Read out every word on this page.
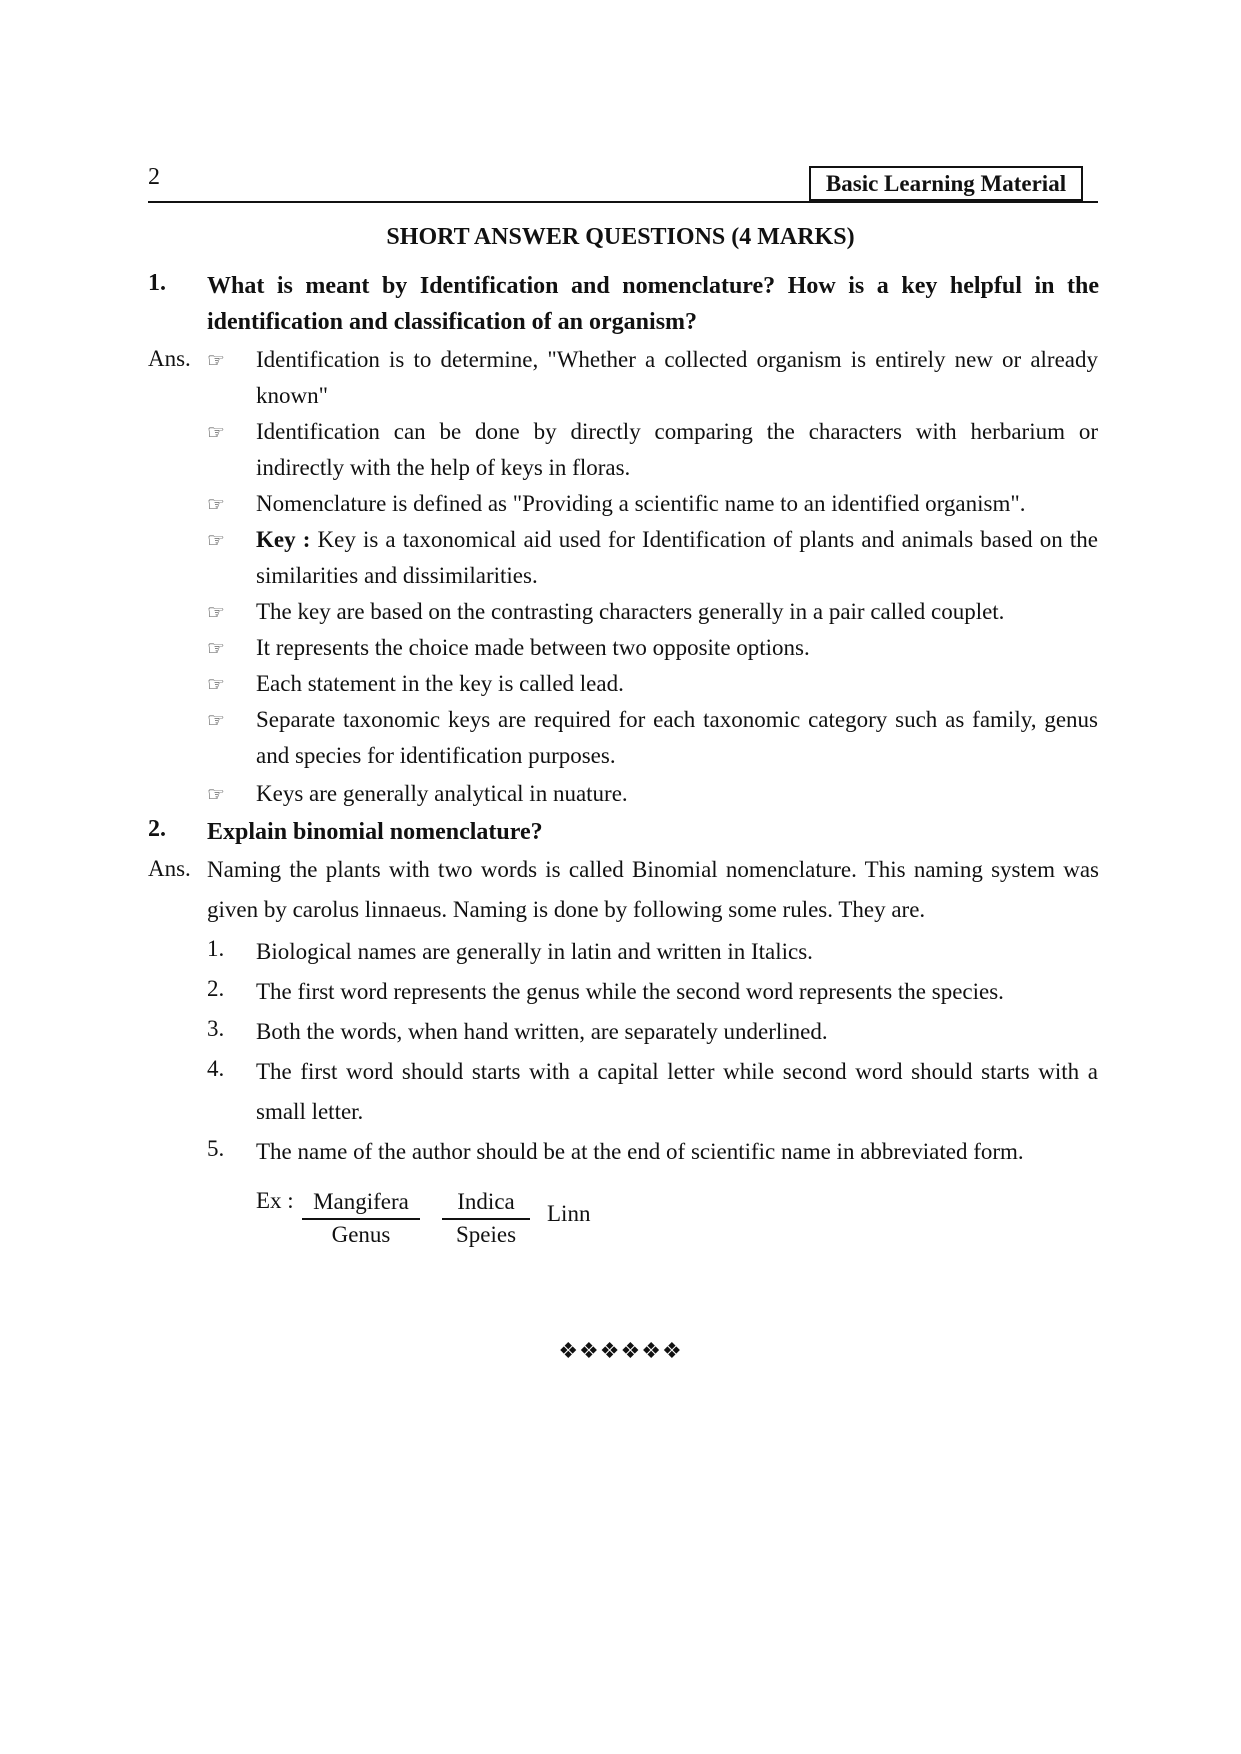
2	Basic Learning Material
SHORT ANSWER QUESTIONS (4 MARKS)
1. What is meant by Identification and nomenclature? How is a key helpful in the identification and classification of an organism?

Ans. ☞ Identification is to determine, "Whether a collected organism is entirely new or already known"

☞ Identification can be done by directly comparing the characters with herbarium or indirectly with the help of keys in floras.

☞ Nomenclature is defined as "Providing a scientific name to an identified organism".

☞ Key : Key is a taxonomical aid used for Identification of plants and animals based on the similarities and dissimilarities.

☞ The key are based on the contrasting characters generally in a pair called couplet.

☞ It represents the choice made between two opposite options.

☞ Each statement in the key is called lead.

☞ Separate taxonomic keys are required for each taxonomic category such as family, genus and species for identification purposes.

☞ Keys are generally analytical in nuature.

2. Explain binomial nomenclature?

Ans. Naming the plants with two words is called Binomial nomenclature. This naming system was given by carolus linnaeus. Naming is done by following some rules. They are.

1. Biological names are generally in latin and written in Italics.

2. The first word represents the genus while the second word represents the species.

3. Both the words, when hand written, are separately underlined.

4. The first word should starts with a capital letter while second word should starts with a small letter.

5. The name of the author should be at the end of scientific name in abbreviated form.

Ex : Mangifera
Genus
Indica
Speies
Linn
❖❖❖❖❖❖
